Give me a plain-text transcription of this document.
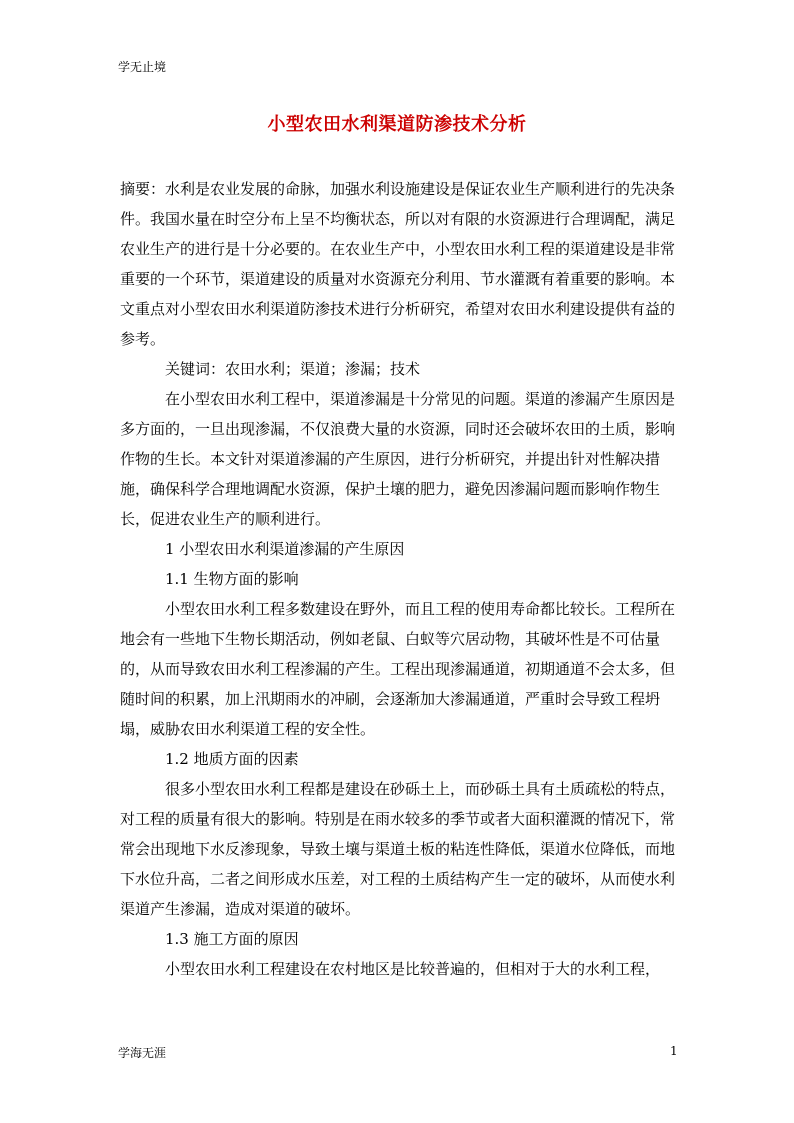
学无止境
小型农田水利渠道防渗技术分析

摘要：水利是农业发展的命脉，加强水利设施建设是保证农业生产顺利进行的先决条件。我国水量在时空分布上呈不均衡状态，所以对有限的水资源进行合理调配，满足农业生产的进行是十分必要的。在农业生产中，小型农田水利工程的渠道建设是非常重要的一个环节，渠道建设的质量对水资源充分利用、节水灌溉有着重要的影响。本文重点对小型农田水利渠道防渗技术进行分析研究，希望对农田水利建设提供有益的参考。

关键词：农田水利；渠道；渗漏；技术

在小型农田水利工程中，渠道渗漏是十分常见的问题。渠道的渗漏产生原因是多方面的，一旦出现渗漏，不仅浪费大量的水资源，同时还会破坏农田的土质，影响作物的生长。本文针对渠道渗漏的产生原因，进行分析研究，并提出针对性解决措施，确保科学合理地调配水资源，保护土壤的肥力，避免因渗漏问题而影响作物生长，促进农业生产的顺利进行。

1 小型农田水利渠道渗漏的产生原因

1.1 生物方面的影响

小型农田水利工程多数建设在野外，而且工程的使用寿命都比较长。工程所在地会有一些地下生物长期活动，例如老鼠、白蚁等穴居动物，其破坏性是不可估量的，从而导致农田水利工程渗漏的产生。工程出现渗漏通道，初期通道不会太多，但随时间的积累，加上汛期雨水的冲刷，会逐渐加大渗漏通道，严重时会导致工程坍塌，威胁农田水利渠道工程的安全性。

1.2 地质方面的因素

很多小型农田水利工程都是建设在砂砾土上，而砂砾土具有土质疏松的特点，对工程的质量有很大的影响。特别是在雨水较多的季节或者大面积灌溉的情况下，常常会出现地下水反渗现象，导致土壤与渠道土板的粘连性降低，渠道水位降低，而地下水位升高，二者之间形成水压差，对工程的土质结构产生一定的破坏，从而使水利渠道产生渗漏，造成对渠道的破坏。

1.3 施工方面的原因

小型农田水利工程建设在农村地区是比较普遍的，但相对于大的水利工程，

学海无涯	1
